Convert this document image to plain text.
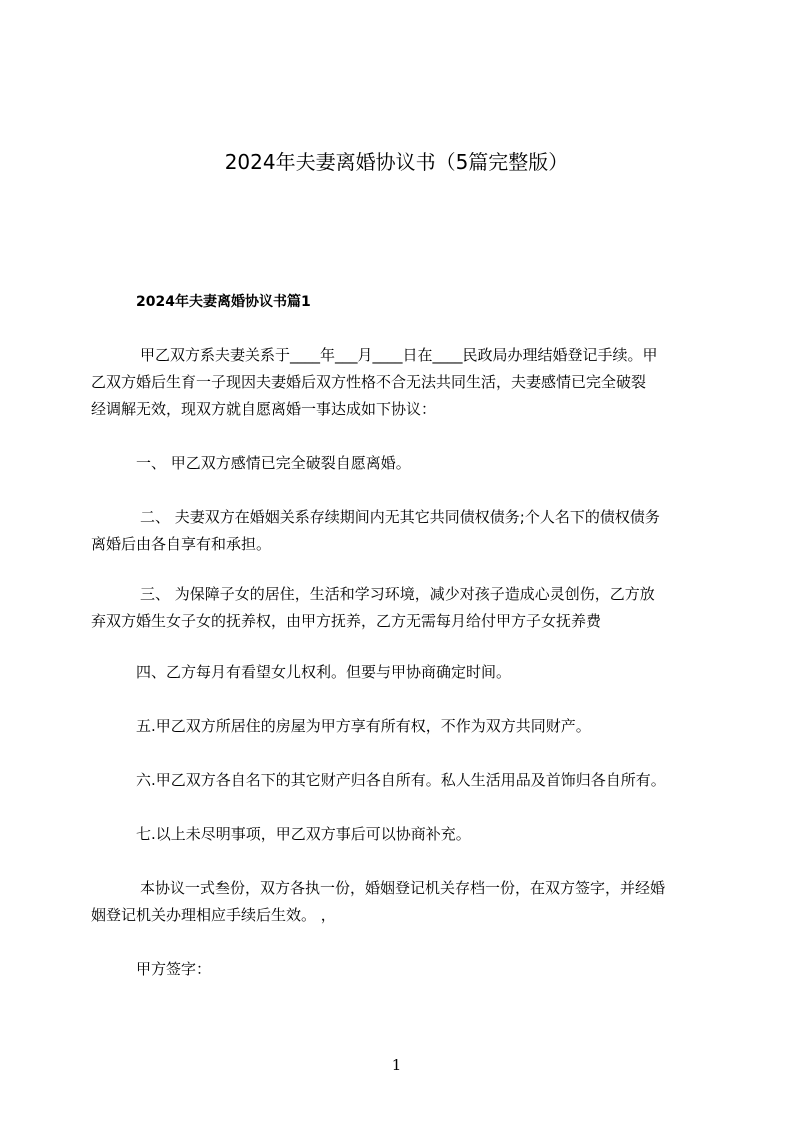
2024年夫妻离婚协议书（5篇完整版）
2024年夫妻离婚协议书篇1
甲乙双方系夫妻关系于____年___月____日在____民政局办理结婚登记手续。甲
乙双方婚后生育一子现因夫妻婚后双方性格不合无法共同生活，夫妻感情已完全破裂
经调解无效，现双方就自愿离婚一事达成如下协议：
一、 甲乙双方感情已完全破裂自愿离婚。
二、 夫妻双方在婚姻关系存续期间内无其它共同债权债务;个人名下的债权债务
离婚后由各自享有和承担。
三、 为保障子女的居住，生活和学习环境，减少对孩子造成心灵创伤，乙方放
弃双方婚生女子女的抚养权，由甲方抚养，乙方无需每月给付甲方子女抚养费
四、乙方每月有看望女儿权利。但要与甲协商确定时间。
五.甲乙双方所居住的房屋为甲方享有所有权，不作为双方共同财产。
六.甲乙双方各自名下的其它财产归各自所有。私人生活用品及首饰归各自所有。
七.以上未尽明事项，甲乙双方事后可以协商补充。
本协议一式叁份，双方各执一份，婚姻登记机关存档一份，在双方签字，并经婚
姻登记机关办理相应手续后生效。 ，
甲方签字：
1
